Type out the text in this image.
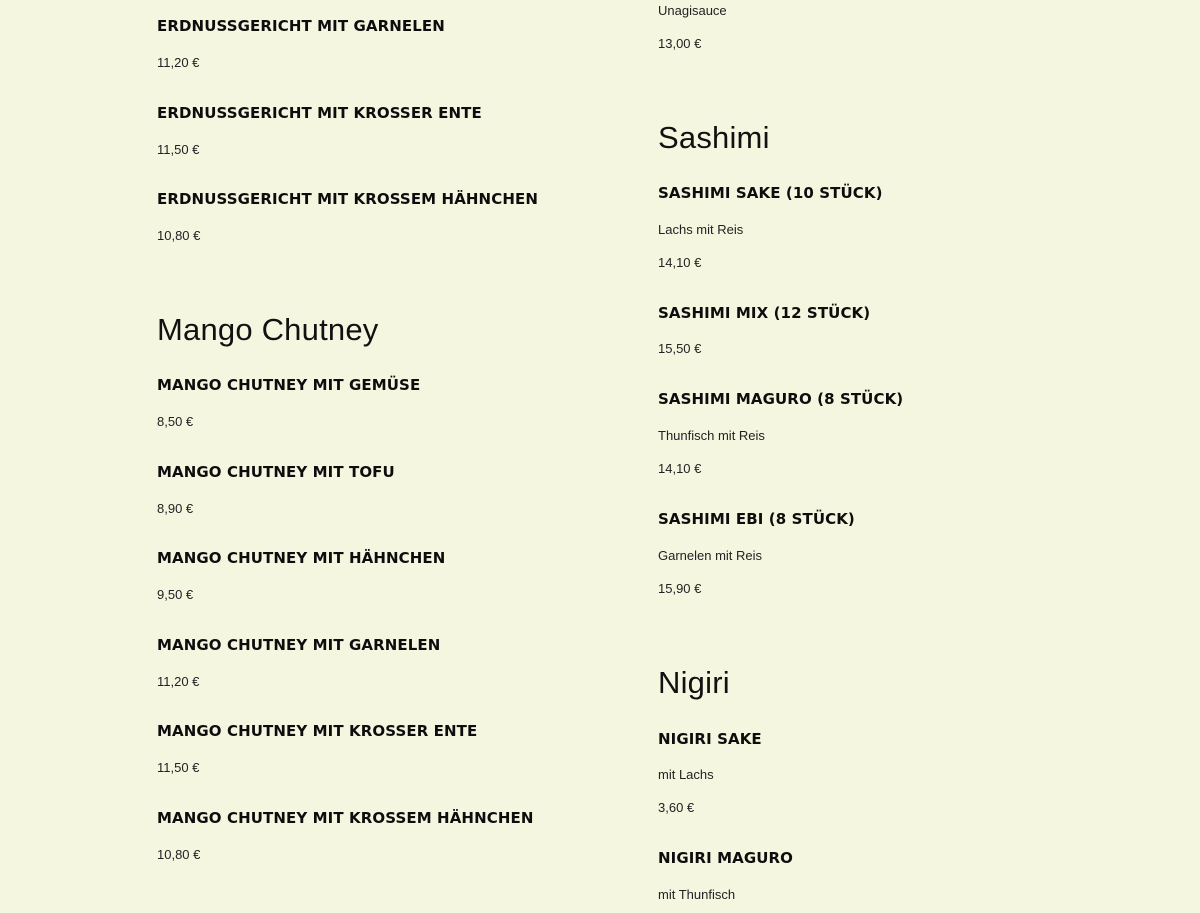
ERDNUSSGERICHT MIT GARNELEN
11,20 €
ERDNUSSGERICHT MIT KROSSER ENTE
11,50 €
ERDNUSSGERICHT MIT KROSSEM HÄHNCHEN
10,80 €
Mango Chutney
MANGO CHUTNEY MIT GEMÜSE
8,50 €
MANGO CHUTNEY MIT TOFU
8,90 €
MANGO CHUTNEY MIT HÄHNCHEN
9,50 €
MANGO CHUTNEY MIT GARNELEN
11,20 €
MANGO CHUTNEY MIT KROSSER ENTE
11,50 €
MANGO CHUTNEY MIT KROSSEM HÄHNCHEN
10,80 €
Unagisauce
13,00 €
Sashimi
SASHIMI SAKE (10 STÜCK)
Lachs mit Reis
14,10 €
SASHIMI MIX (12 STÜCK)
15,50 €
SASHIMI MAGURO (8 STÜCK)
Thunfisch mit Reis
14,10 €
SASHIMI EBI (8 STÜCK)
Garnelen mit Reis
15,90 €
Nigiri
NIGIRI SAKE
mit Lachs
3,60 €
NIGIRI MAGURO
mit Thunfisch
